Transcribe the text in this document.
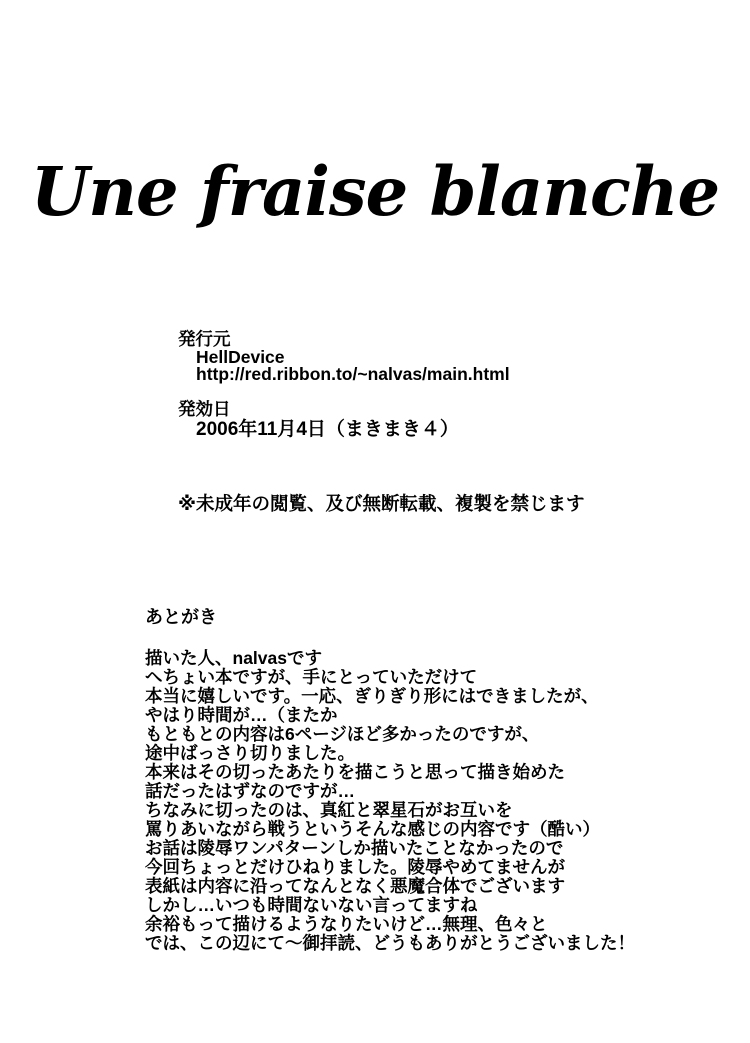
Une fraise blanche
発行元
HellDevice
http://red.ribbon.to/~nalvas/main.html
発効日
2006年11月4日（まきまき４）
※未成年の閲覧、及び無断転載、複製を禁じます
あとがき
描いた人、nalvasです
へちょい本ですが、手にとっていただけて
本当に嬉しいです。一応、ぎりぎり形にはできましたが、
やはり時間が…（またか
もともとの内容は6ページほど多かったのですが、
途中ばっさり切りました。
本来はその切ったあたりを描こうと思って描き始めた
話だったはずなのですが…
ちなみに切ったのは、真紅と翠星石がお互いを
罵りあいながら戦うというそんな感じの内容です（酷い）
お話は陵辱ワンパターンしか描いたことなかったので
今回ちょっとだけひねりました。陵辱やめてませんが
表紙は内容に沿ってなんとなく悪魔合体でございます
しかし…いつも時間ないない言ってますね
余裕もって描けるようなりたいけど…無理、色々と
では、この辺にて～御拝読、どうもありがとうございました！
